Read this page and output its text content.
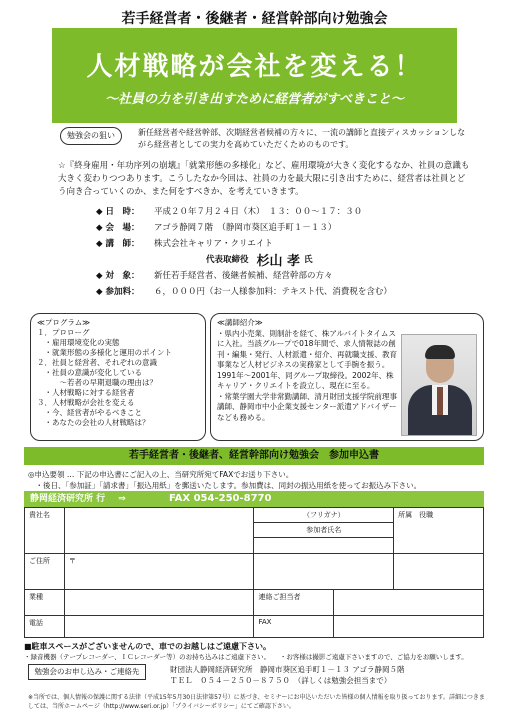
若手経営者・後継者・経営幹部向け勉強会
人材戦略が会社を変える！
～社員の力を引き出すために経営者がすべきこと～
勉強会の狙い	新任経営者や経営幹部、次期経営者候補の方々に、一流の講師と直接ディスカッションしながら経営者としての実力を高めていただくためのものです。
☆『終身雇用・年功序列の崩壊』「就業形態の多様化」など、雇用環境が大きく変化するなか、社員の意識も大きく変わりつつあります。こうしたなか今回は、社員の力を最大限に引き出すために、経営者は社員とどう向き合っていくのか、また何をすべきか、を考えていきます。
◆ 日　時：	平成２０年７月２４日（木）　１３：００～１７：３０
◆ 会　場：	アゴラ静岡７階　（静岡市葵区追手町１－１３）
◆ 講　師：	株式会社キャリア・クリエイト
代表取締役 杉山 孝 氏
◆ 対　象：	新任若手経営者、後継者候補、経営幹部の方々
◆ 参加料：	６，０００円（お一人様参加料：テキスト代、消費税を含む）
≪プログラム≫
１．プロローグ
　・雇用環境変化の実態
　・就業形態の多様化と運用のポイント
２．社員と経営者、それぞれの意識
　・社員の意識が変化している
　　　～若者の早期退職の理由は？
　・人材戦略に対する経営者
３．人材戦略が会社を変える
　・今、経営者がやるべきこと
　・あなたの会社の人材戦略は？
≪講師紹介≫
・県内小売業、則制計を経て、株アルバイトタイムスに入社。当該グループで018年間で、求人情報誌の創刊・編集・発行、人材派遣・紹介、再就職支援、教育事業など人材ビジネスの実務家として手腕を振う。1991年～2001年、同グループ取締役。2002年、株キャリア・クリエイトを設立し、現在に至る。
・常葉学園大学非常勤講師、清月財団支援学院前理事講師、静岡市中小企業支援センター派遣アドバイザーなども務める。
若手経営者・後継者、経営幹部向け勉強会　参加申込書
◎申込要領 … 下記の申込書にご記入の上、当研究所宛てFAXでお送り下さい。
　・後日、「参加証」「請求書」「振込用紙」を郵送いたします。参加費は、同封の振込用紙を使ってお振込み下さい。
静岡経済研究所 行 ⇒	FAX 054-250-8770
貴社名		（フリガナ）		所属　 役職
		参加者氏名		

ご住所	〒			
業種		連絡ご担当者		
電話		FAX		
■駐車スペースがございませんので、車でのお越しはご遠慮下さい。
・録音機器（テープレコーダー、ＩＣレコーダー等）のお持ち込みはご遠慮下さい。　　・お客様は撮影ご遠慮下さいますので、ご協力をお願いします。
勉強会のお申し込み・ご連絡先	財団法人静岡経済研究所　静岡市葵区追手町１－１３ アゴラ静岡５階
ＴＥＬ　０５４－２５０－８７５０　（詳しくは勉強会担当まで）
※当所では、個人情報の保護に関する法律（平成15年5月30日法律第57号）に基づき、セミナーにお申込いただいた皆様の個人情報を取り扱っております。詳細につきましては、当所ホームページ（http://www.seri.or.jp）「プライバシーポリシー」にてご確認下さい。
